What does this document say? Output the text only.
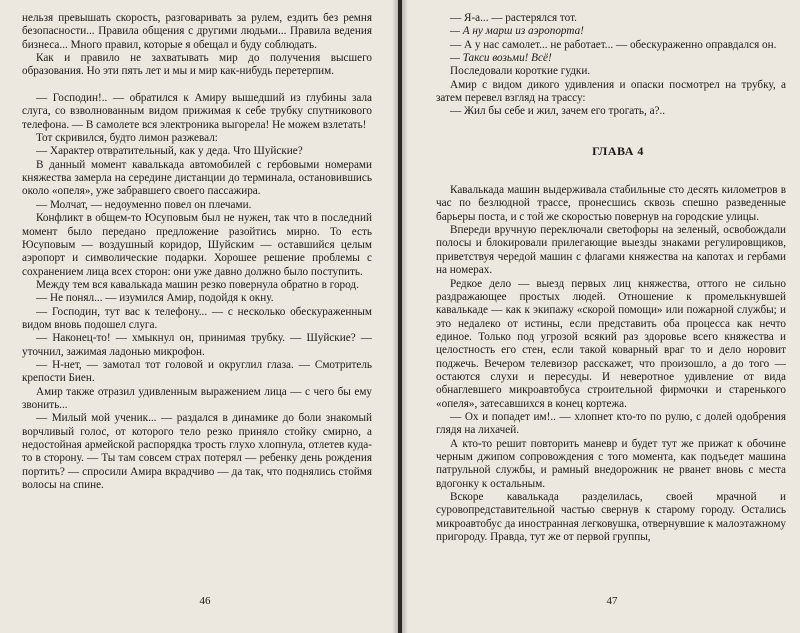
нельзя превышать скорость, разговаривать за рулем, ездить без ремня безопасности... Правила общения с другими людьми... Правила ведения бизнеса... Много правил, которые я обещал и буду соблюдать.

Как и правило не захватывать мир до получения высшего образования. Но эти пять лет и мы и мир как-нибудь перетерпим.

— Господин!.. — обратился к Амиру вышедший из глубины зала слуга, со взволнованным видом прижимая к себе трубку спутникового телефона. — В самолете вся электроника выгорела! Не можем взлетать!

Тот скривился, будто лимон разжевал:

— Характер отвратительный, как у деда. Что Шуйские?

В данный момент кавалькада автомобилей с гербовыми номерами княжества замерла на середине дистанции до терминала, остановившись около «опеля», уже забравшего своего пассажира.

— Молчат, — недоуменно повел он плечами.

Конфликт в общем-то Юсуповым был не нужен, так что в последний момент было передано предложение разойтись мирно. То есть Юсуповым — воздушный коридор, Шуйским — оставшийся целым аэропорт и символические подарки. Хорошее решение проблемы с сохранением лица всех сторон: они уже давно должно было поступить.

Между тем вся кавалькада машин резко повернула обратно в город.

— Не понял... — изумился Амир, подойдя к окну.

— Господин, тут вас к телефону... — с несколько обескураженным видом вновь подошел слуга.

— Наконец-то! — хмыкнул он, принимая трубку. — Шуйские? — уточнил, зажимая ладонью микрофон.

— Н-нет, — замотал тот головой и округлил глаза. — Смотритель крепости Биен.

Амир также отразил удивленным выражением лица — с чего бы ему звонить...

— Милый мой ученик... — раздался в динамике до боли знакомый ворчливый голос, от которого тело резко приняло стойку смирно, а недостойная армейской распорядка трость глухо хлопнула, отлетев куда-то в сторону. — Ты там совсем страх потерял — ребенку день рождения портить? — спросили Амира вкрадчиво — да так, что поднялись стоймя волосы на спине.

46

— Я-а... — растерялся тот.

— А ну марш из аэропорта!

— А у нас самолет... не работает... — обескураженно оправдался он.

— Такси возьми! Всё!

Последовали короткие гудки.

Амир с видом дикого удивления и опаски посмотрел на трубку, а затем перевел взгляд на трассу:

— Жил бы себе и жил, зачем его трогать, а?..

ГЛАВА 4

Кавалькада машин выдерживала стабильные сто десять километров в час по безлюдной трассе, пронесшись сквозь спешно разведенные барьеры поста, и с той же скоростью повернув на городские улицы.

Впереди вручную переключали светофоры на зеленый, освобождали полосы и блокировали прилегающие выезды знаками регулировщиков, приветствуя чередой машин с флагами княжества на капотах и гербами на номерах.

Редкое дело — выезд первых лиц княжества, оттого не сильно раздражающее простых людей. Отношение к промелькнувшей кавалькаде — как к экипажу «скорой помощи» или пожарной службы; и это недалеко от истины, если представить оба процесса как нечто единое. Только под угрозой всякий раз здоровье всего княжества и целостность его стен, если такой коварный враг то и дело норовит поджечь. Вечером телевизор расскажет, что произошло, а до того — остаются слухи и пересуды. И неверотное удивление от вида обнаглевшего микроавтобуса строительной фирмочки и старенького «опеля», затесавшихся в конец кортежа.

— Ох и попадет им!.. — хлопнет кто-то по рулю, с долей одобрения глядя на лихачей.

А кто-то решит повторить маневр и будет тут же прижат к обочине черным джипом сопровождения с того момента, как подъедет машина патрульной службы, и рамный внедорожник не рванет вновь с места вдогонку к остальным.

Вскоре кавалькада разделилась, своей мрачной и суровопредставительной частью свернув к старому городу. Остались микроавтобус да иностранная легковушка, отвернувшие к малоэтажному пригороду. Правда, тут же от первой группы,

47
